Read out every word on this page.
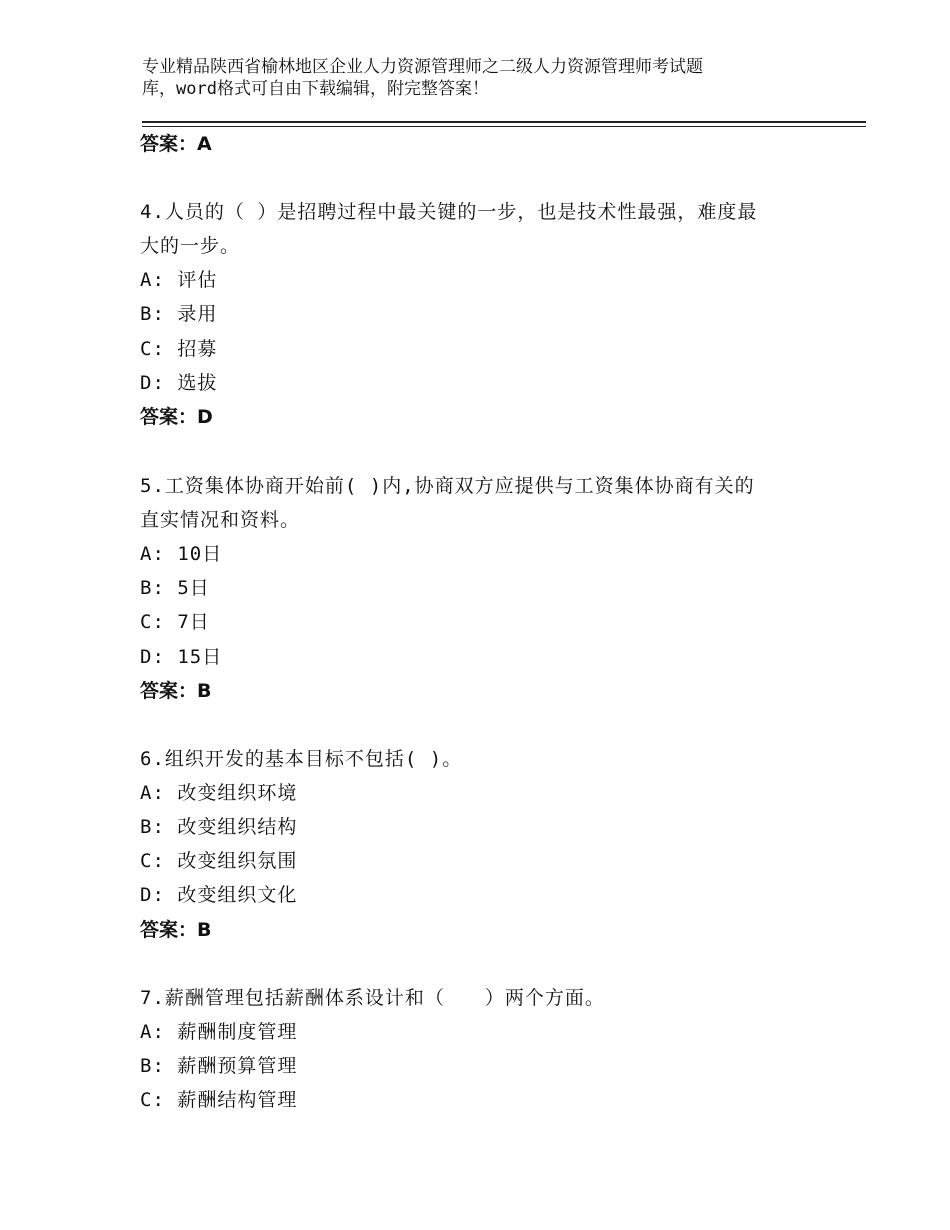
专业精品陕西省榆林地区企业人力资源管理师之二级人力资源管理师考试题
库，word格式可自由下载编辑，附完整答案！
答案：A
4.人员的（ ）是招聘过程中最关键的一步，也是技术性最强，难度最
大的一步。
A: 评估
B: 录用
C: 招募
D: 选拔
答案：D
5.工资集体协商开始前( )内,协商双方应提供与工资集体协商有关的
直实情况和资料。
A: 10日
B: 5日
C: 7日
D: 15日
答案：B
6.组织开发的基本目标不包括( )。
A: 改变组织环境
B: 改变组织结构
C: 改变组织氛围
D: 改变组织文化
答案：B
7.薪酬管理包括薪酬体系设计和（　　）两个方面。
A: 薪酬制度管理
B: 薪酬预算管理
C: 薪酬结构管理
